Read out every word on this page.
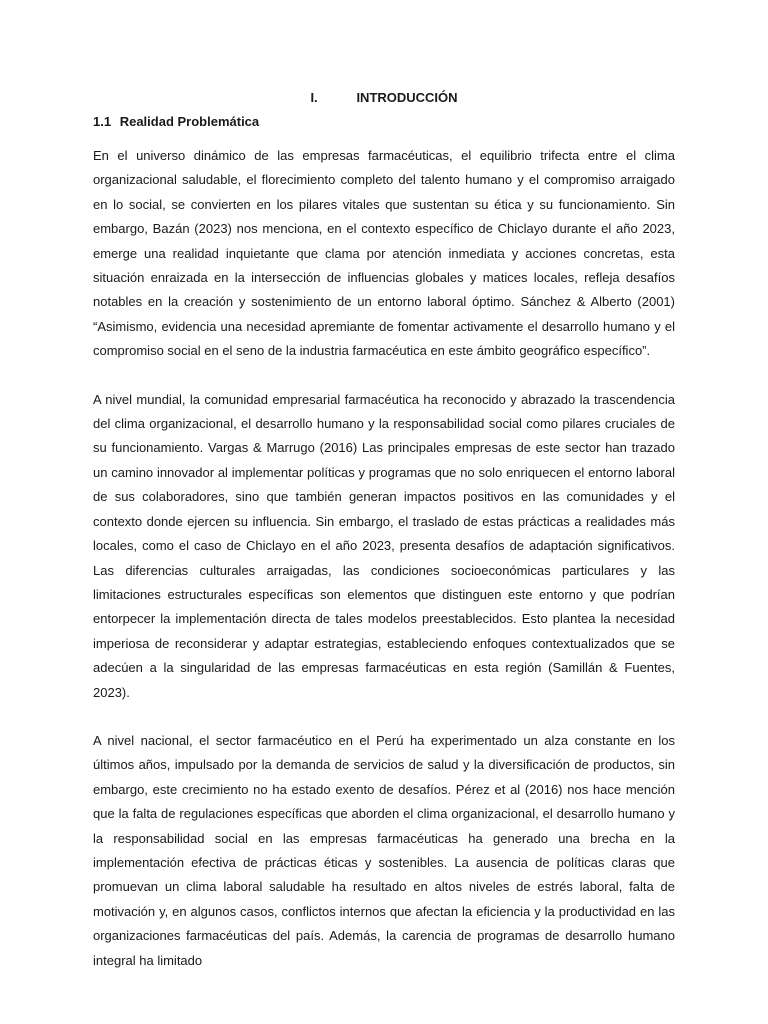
I.	INTRODUCCIÓN
1.1 Realidad Problemática

En el universo dinámico de las empresas farmacéuticas, el equilibrio trifecta entre el clima organizacional saludable, el florecimiento completo del talento humano y el compromiso arraigado en lo social, se convierten en los pilares vitales que sustentan su ética y su funcionamiento. Sin embargo, Bazán (2023) nos menciona, en el contexto específico de Chiclayo durante el año 2023, emerge una realidad inquietante que clama por atención inmediata y acciones concretas, esta situación enraizada en la intersección de influencias globales y matices locales, refleja desafíos notables en la creación y sostenimiento de un entorno laboral óptimo. Sánchez & Alberto (2001) “Asimismo, evidencia una necesidad apremiante de fomentar activamente el desarrollo humano y el compromiso social en el seno de la industria farmacéutica en este ámbito geográfico específico”.

A nivel mundial, la comunidad empresarial farmacéutica ha reconocido y abrazado la trascendencia del clima organizacional, el desarrollo humano y la responsabilidad social como pilares cruciales de su funcionamiento. Vargas & Marrugo (2016) Las principales empresas de este sector han trazado un camino innovador al implementar políticas y programas que no solo enriquecen el entorno laboral de sus colaboradores, sino que también generan impactos positivos en las comunidades y el contexto donde ejercen su influencia. Sin embargo, el traslado de estas prácticas a realidades más locales, como el caso de Chiclayo en el año 2023, presenta desafíos de adaptación significativos. Las diferencias culturales arraigadas, las condiciones socioeconómicas particulares y las limitaciones estructurales específicas son elementos que distinguen este entorno y que podrían entorpecer la implementación directa de tales modelos preestablecidos. Esto plantea la necesidad imperiosa de reconsiderar y adaptar estrategias, estableciendo enfoques contextualizados que se adecúen a la singularidad de las empresas farmacéuticas en esta región (Samillán & Fuentes, 2023).

A nivel nacional, el sector farmacéutico en el Perú ha experimentado un alza constante en los últimos años, impulsado por la demanda de servicios de salud y la diversificación de productos, sin embargo, este crecimiento no ha estado exento de desafíos. Pérez et al (2016) nos hace mención que la falta de regulaciones específicas que aborden el clima organizacional, el desarrollo humano y la responsabilidad social en las empresas farmacéuticas ha generado una brecha en la implementación efectiva de prácticas éticas y sostenibles. La ausencia de políticas claras que promuevan un clima laboral saludable ha resultado en altos niveles de estrés laboral, falta de motivación y, en algunos casos, conflictos internos que afectan la eficiencia y la productividad en las organizaciones farmacéuticas del país. Además, la carencia de programas de desarrollo humano integral ha limitado
